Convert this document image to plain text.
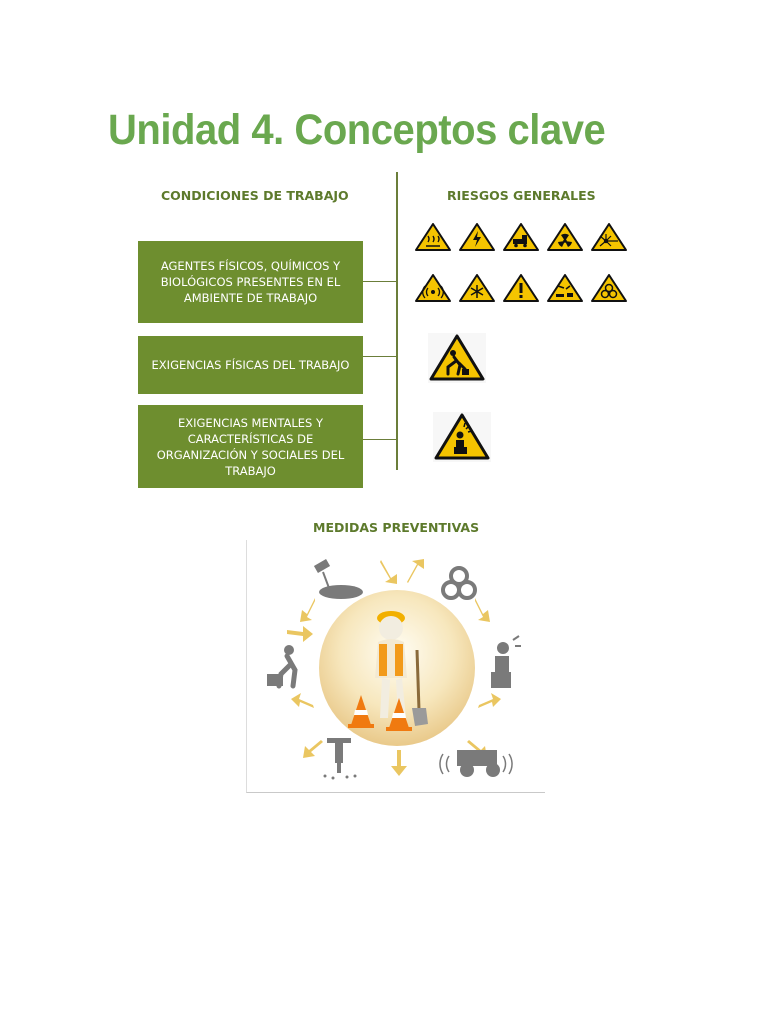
Unidad 4. Conceptos clave
CONDICIONES DE TRABAJO	RIESGOS GENERALES
AGENTES FÍSICOS, QUÍMICOS Y BIOLÓGICOS PRESENTES EN EL AMBIENTE DE TRABAJO
EXIGENCIAS FÍSICAS DEL TRABAJO
EXIGENCIAS MENTALES Y CARACTERÍSTICAS DE ORGANIZACIÓN Y SOCIALES DEL TRABAJO
MEDIDAS PREVENTIVAS
